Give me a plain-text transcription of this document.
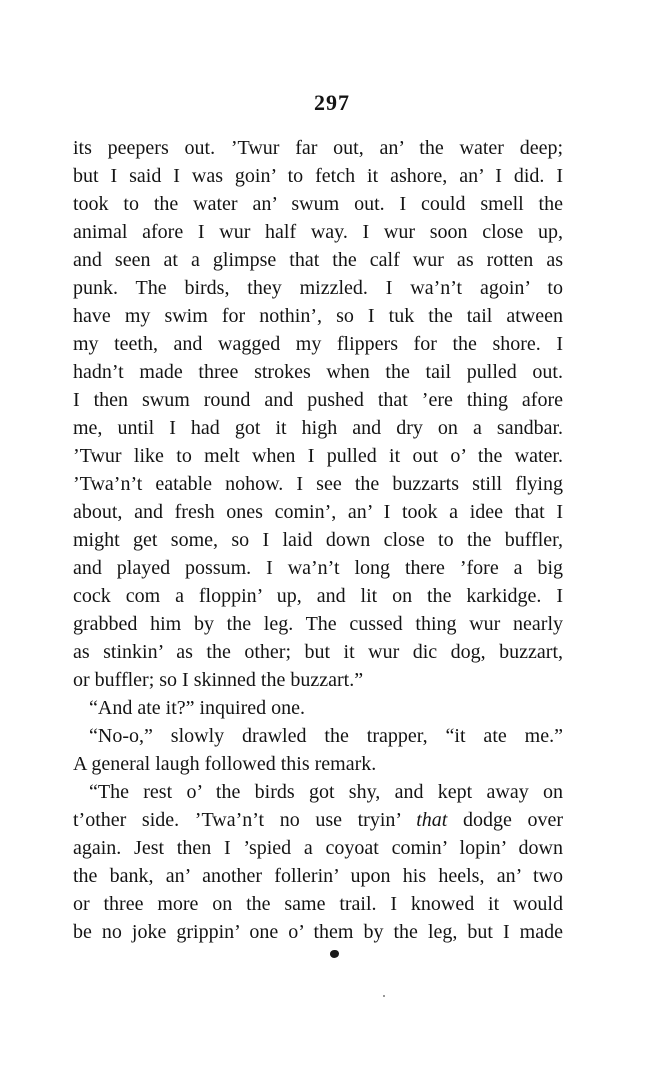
297
its peepers out. ’Twur far out, an’ the water deep;
but I said I was goin’ to fetch it ashore, an’ I did. I
took to the water an’ swum out. I could smell the
animal afore I wur half way. I wur soon close up,
and seen at a glimpse that the calf wur as rotten as
punk. The birds, they mizzled. I wa’n’t agoin’ to
have my swim for nothin’, so I tuk the tail atween
my teeth, and wagged my flippers for the shore. I
hadn’t made three strokes when the tail pulled out.
I then swum round and pushed that ’ere thing afore
me, until I had got it high and dry on a sandbar.
’Twur like to melt when I pulled it out o’ the water.
’Twa’n’t eatable nohow. I see the buzzarts still flying
about, and fresh ones comin’, an’ I took a idee that I
might get some, so I laid down close to the buffler,
and played possum. I wa’n’t long there ’fore a big
cock com a floppin’ up, and lit on the karkidge. I
grabbed him by the leg. The cussed thing wur nearly
as stinkin’ as the other; but it wur dic dog, buzzart,
or buffler; so I skinned the buzzart.”
“And ate it?” inquired one.
“No-o,” slowly drawled the trapper, “it ate me.”
A general laugh followed this remark.
“The rest o’ the birds got shy, and kept away on
t’other side. ’Twa’n’t no use tryin’ that dodge over
again. Jest then I ’spied a coyoat comin’ lopin’ down
the bank, an’ another follerin’ upon his heels, an’ two
or three more on the same trail. I knowed it would
be no joke grippin’ one o’ them by the leg, but I made
